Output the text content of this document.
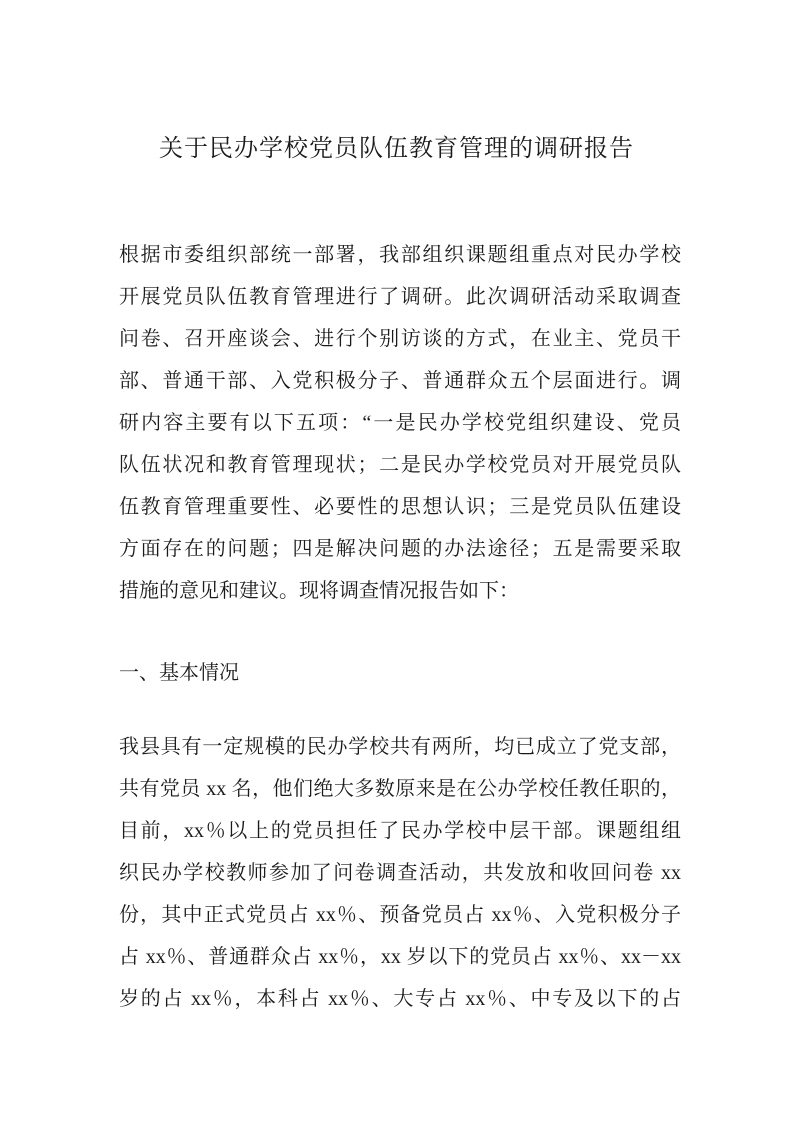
关于民办学校党员队伍教育管理的调研报告
根据市委组织部统一部署，我部组织课题组重点对民办学校
开展党员队伍教育管理进行了调研。此次调研活动采取调查
问卷、召开座谈会、进行个别访谈的方式，在业主、党员干
部、普通干部、入党积极分子、普通群众五个层面进行。调
研内容主要有以下五项：“一是民办学校党组织建设、党员
队伍状况和教育管理现状；二是民办学校党员对开展党员队
伍教育管理重要性、必要性的思想认识；三是党员队伍建设
方面存在的问题；四是解决问题的办法途径；五是需要采取
措施的意见和建议。现将调查情况报告如下：
一、基本情况
我县具有一定规模的民办学校共有两所，均已成立了党支部，
共有党员 xx 名，他们绝大多数原来是在公办学校任教任职的，
目前，xx％以上的党员担任了民办学校中层干部。课题组组
织民办学校教师参加了问卷调查活动，共发放和收回问卷 xx
份，其中正式党员占 xx％、预备党员占 xx％、入党积极分子
占 xx％、普通群众占 xx％，xx 岁以下的党员占 xx％、xx－xx
岁的占 xx％，本科占 xx％、大专占 xx％、中专及以下的占
